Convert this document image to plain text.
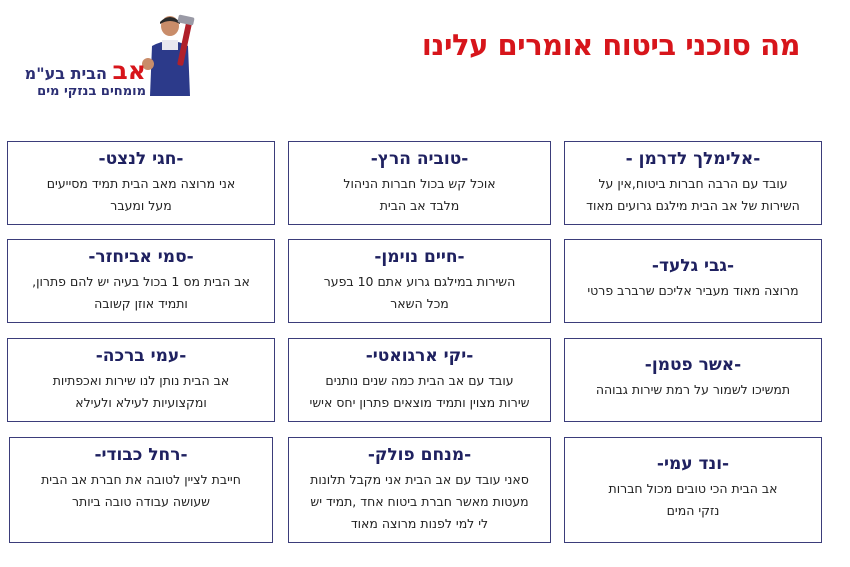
מה סוכני ביטוח אומרים עלינו
אב הבית בע"מ
מומחים בנזקי מים
-אלימלך לדרמן -
עובד עם הרבה חברות ביטוח,אין על
השירות של אב הבית מילגם גרועים מאוד
-טוביה הרץ-
אוכל קש בכול חברות הניהול
מלבד אב הבית
-חגי לנצט-
אני מרוצה מאב הבית תמיד מסייעים
מעל ומעבר
-גבי גלעד-
מרוצה מאוד מעביר אליכם שרברב פרטי
-חיים נוימן-
השירות במילגם גרוע אתם 10 בפער
מכל השאר
-סמי אביחזר-
אב הבית מס 1 בכול בעיה יש להם פתרון,
ותמיד אוזן קשובה
-אשר פטמן-
תמשיכו לשמור על רמת שירות גבוהה
-יקי ארגואטי-
עובד עם אב הבית כמה שנים נותנים
שירות מצוין ותמיד מוצאים פתרון יחס אישי
-עמי ברכה-
אב הבית נותן לנו שירות ואכפתיות
ומקצועיות לעילא ולעילא
-ונד עמי-
אב הבית הכי טובים מכול חברות
נזקי המים
-מנחם פולק-
סאני עובד עם אב הבית אני מקבל תלונות
מעטות מאשר חברת ביטוח אחד ,תמיד יש
לי למי לפנות מרוצה מאוד
-רחל כבודי-
חייבת לציין לטובה את חברת אב הבית
שעושה עבודה טובה ביותר
